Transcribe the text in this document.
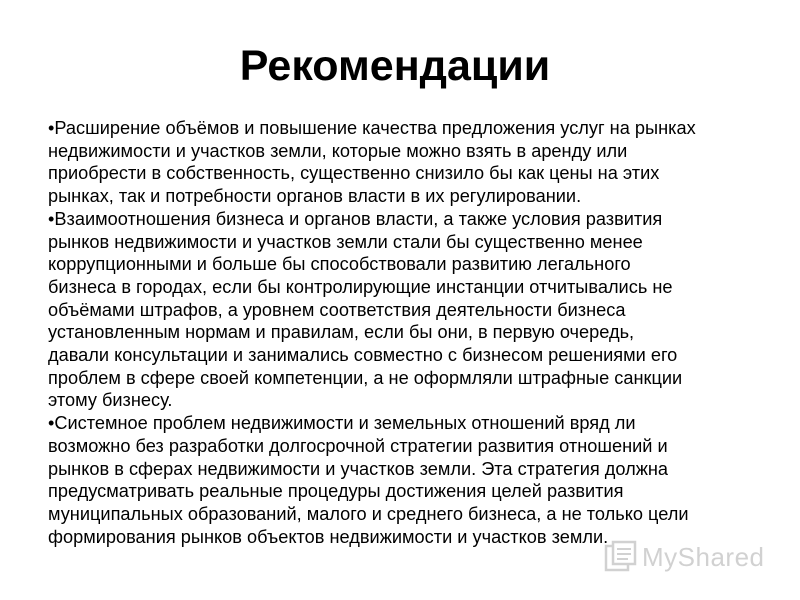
Рекомендации
•Расширение объёмов и повышение качества предложения услуг на рынках
недвижимости и участков земли, которые можно взять в аренду или
приобрести в собственность, существенно снизило бы как цены на этих
рынках, так и потребности органов власти в их регулировании.
•Взаимоотношения бизнеса и органов власти, а также условия развития
рынков недвижимости и участков земли стали бы существенно менее
коррупционными и больше бы способствовали развитию легального
бизнеса в городах, если бы контролирующие инстанции отчитывались не
объёмами штрафов, а уровнем соответствия деятельности бизнеса
установленным нормам и правилам, если бы они, в первую очередь,
давали консультации и занимались совместно с бизнесом решениями его
проблем в сфере своей компетенции, а не оформляли штрафные санкции
этому бизнесу.
•Системное проблем недвижимости и земельных отношений вряд ли
возможно без разработки долгосрочной стратегии развития отношений и
рынков в сферах недвижимости и участков земли. Эта стратегия должна
предусматривать реальные процедуры достижения целей развития
муниципальных образований, малого и среднего бизнеса, а не только цели
формирования рынков объектов недвижимости и участков земли.
MyShared
